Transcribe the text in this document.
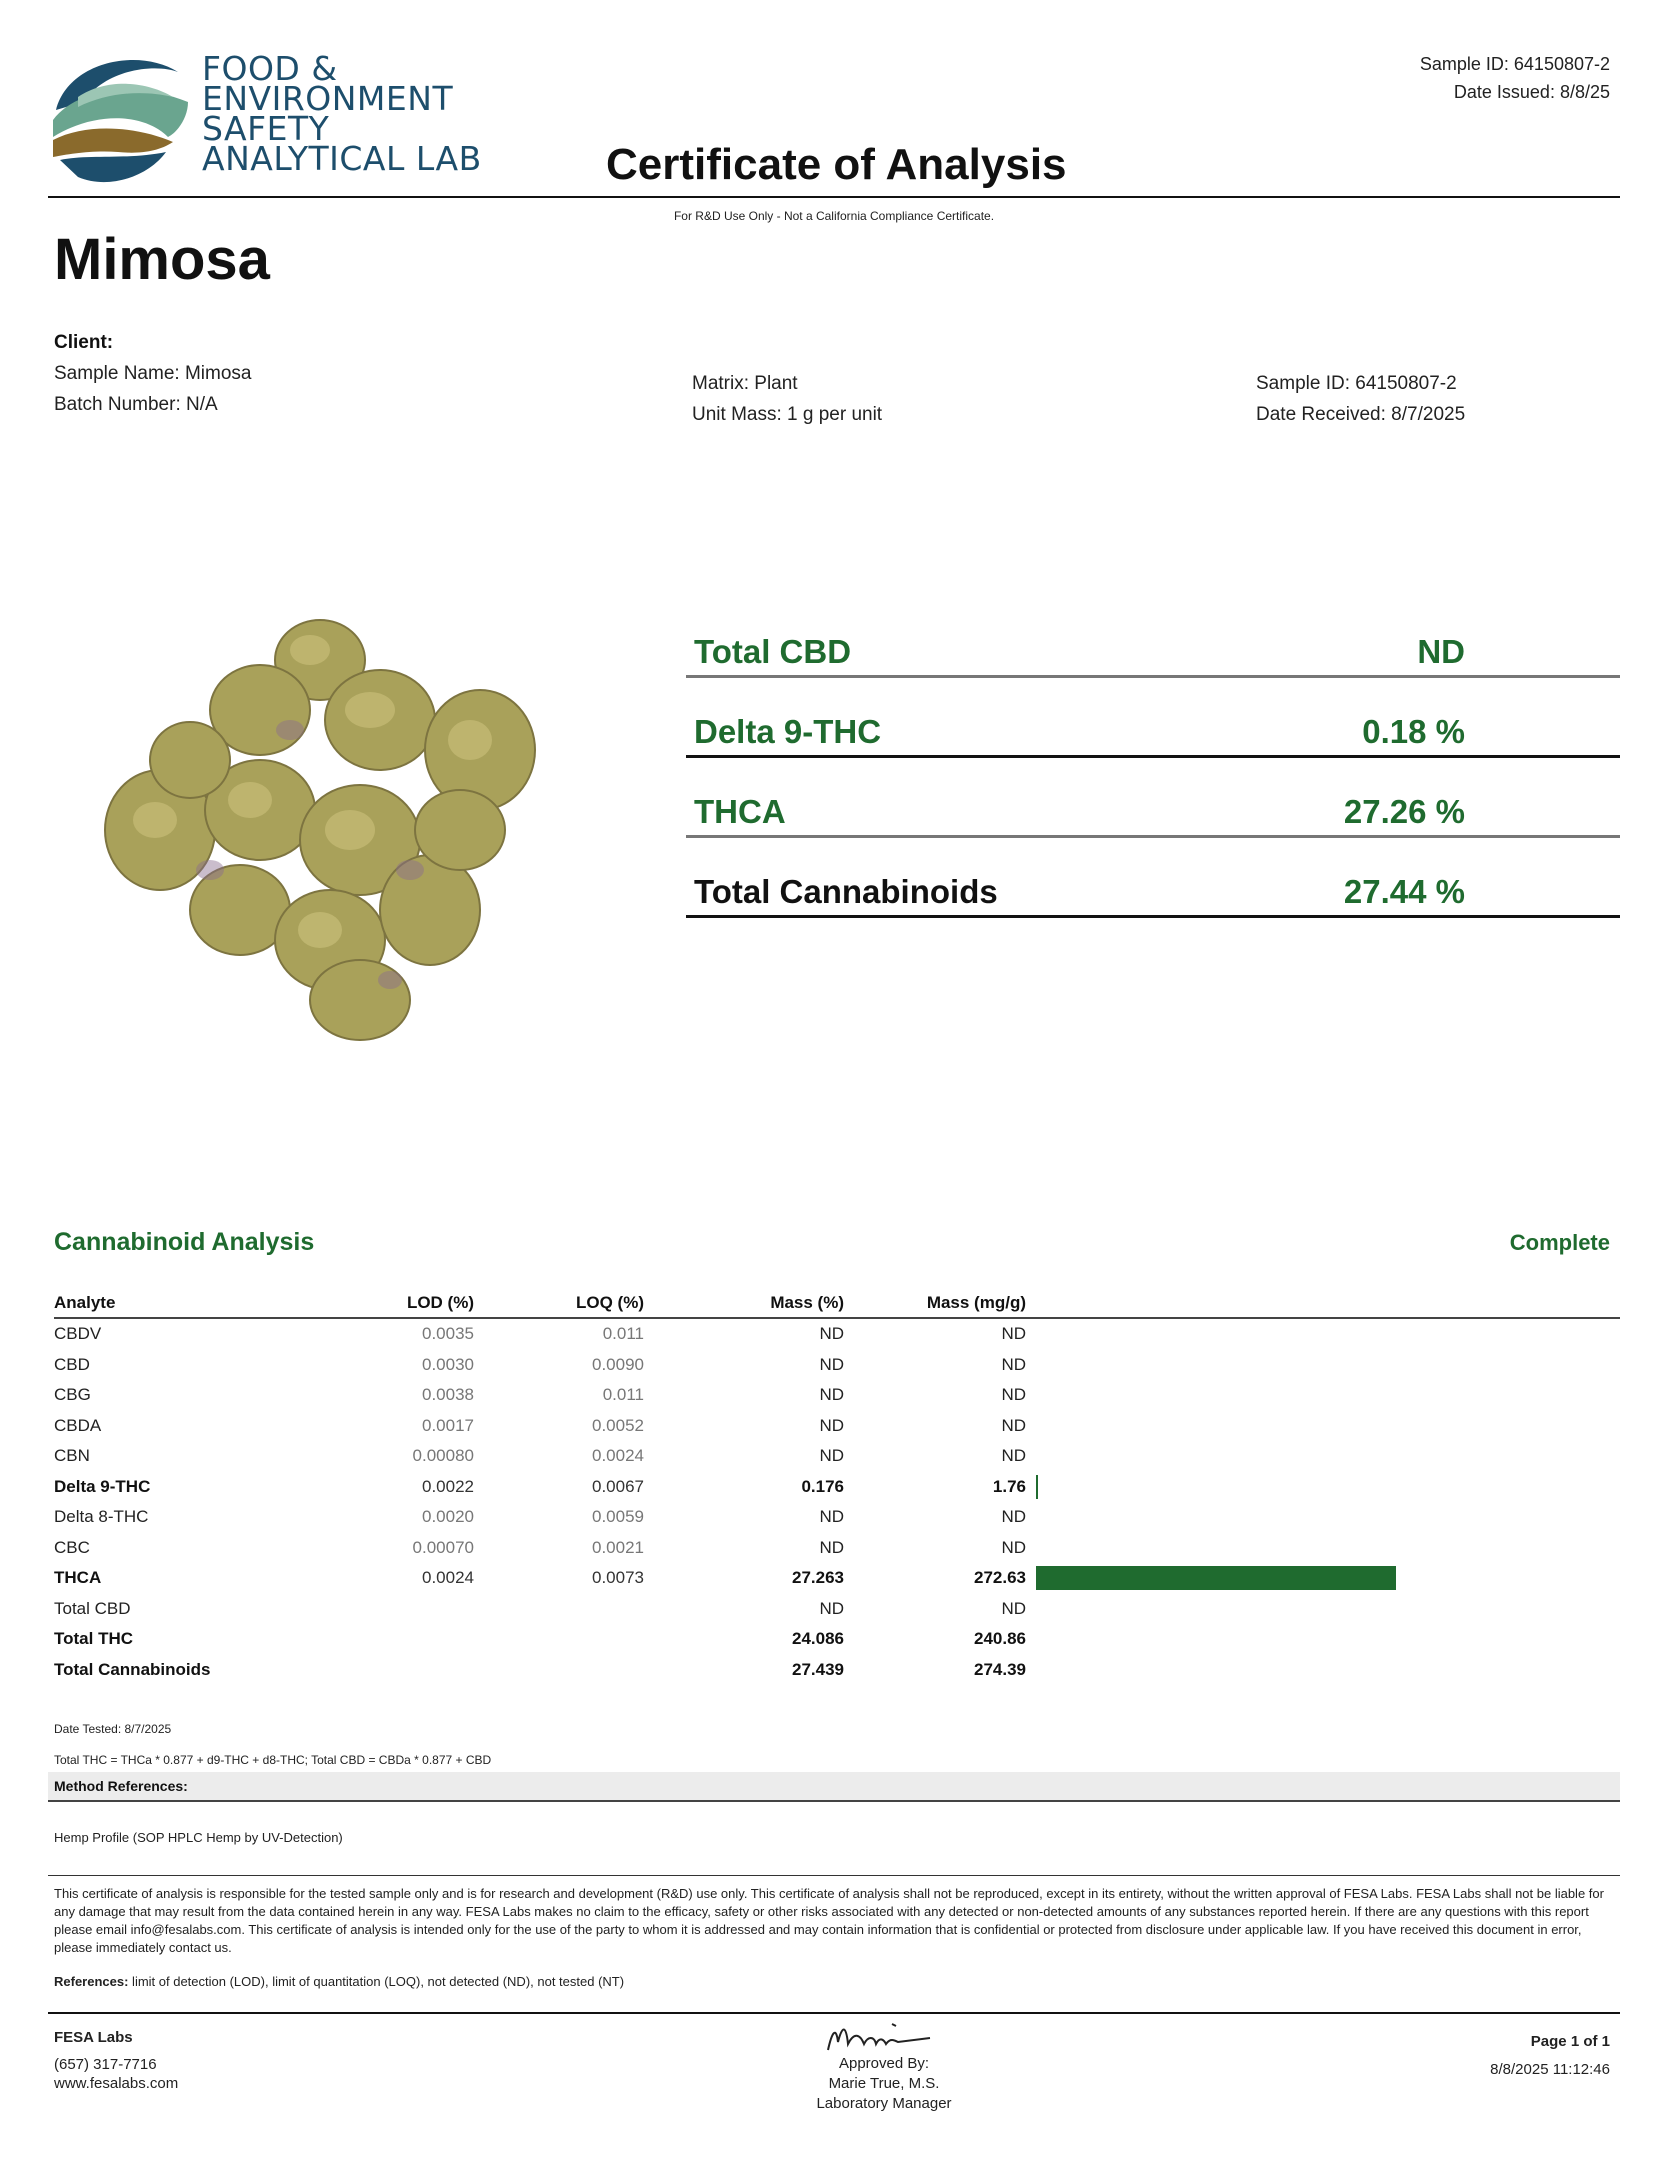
FOOD &
ENVIRONMENT
SAFETY
ANALYTICAL LAB	Certificate of Analysis
Sample ID: 64150807-2
Date Issued: 8/8/25
For R&D Use Only - Not a California Compliance Certificate.
Mimosa
Client:
Sample Name: Mimosa
Batch Number: N/A
Matrix: Plant
Unit Mass: 1 g per unit
Sample ID: 64150807-2
Date Received: 8/7/2025
Total CBD	ND
Delta 9-THC	0.18 %
THCA	27.26 %
Total Cannabinoids	27.44 %
Cannabinoid Analysis	Complete
Analyte	LOD (%)	LOQ (%)	Mass (%)	Mass (mg/g)	
CBDV	0.0035	0.011	ND	ND	
CBD	0.0030	0.0090	ND	ND	
CBG	0.0038	0.011	ND	ND	
CBDA	0.0017	0.0052	ND	ND	
CBN	0.00080	0.0024	ND	ND	
Delta 9-THC	0.0022	0.0067	0.176	1.76	

Delta 8-THC	0.0020	0.0059	ND	ND	
CBC	0.00070	0.0021	ND	ND	
THCA	0.0024	0.0073	27.263	272.63	

Total CBD			ND	ND	
Total THC			24.086	240.86	
Total Cannabinoids			27.439	274.39	
Date Tested: 8/7/2025
Total THC = THCa * 0.877 + d9-THC + d8-THC; Total CBD = CBDa * 0.877 + CBD
Method References:
Hemp Profile (SOP HPLC Hemp by UV-Detection)
This certificate of analysis is responsible for the tested sample only and is for research and development (R&D) use only. This certificate of analysis shall not be reproduced, except in its entirety, without the written approval of FESA Labs. FESA Labs shall not be liable for any damage that may result from the data contained herein in any way. FESA Labs makes no claim to the efficacy, safety or other risks associated with any detected or non-detected amounts of any substances reported herein. If there are any questions with this report please email info@fesalabs.com. This certificate of analysis is intended only for the use of the party to whom it is addressed and may contain information that is confidential or protected from disclosure under applicable law. If you have received this document in error, please immediately contact us.
References: limit of detection (LOD), limit of quantitation (LOQ), not detected (ND), not tested (NT)
FESA Labs
(657) 317-7716
www.fesalabs.com
Approved By:
Marie True, M.S.
Laboratory Manager
Page 1 of 1
8/8/2025 11:12:46
